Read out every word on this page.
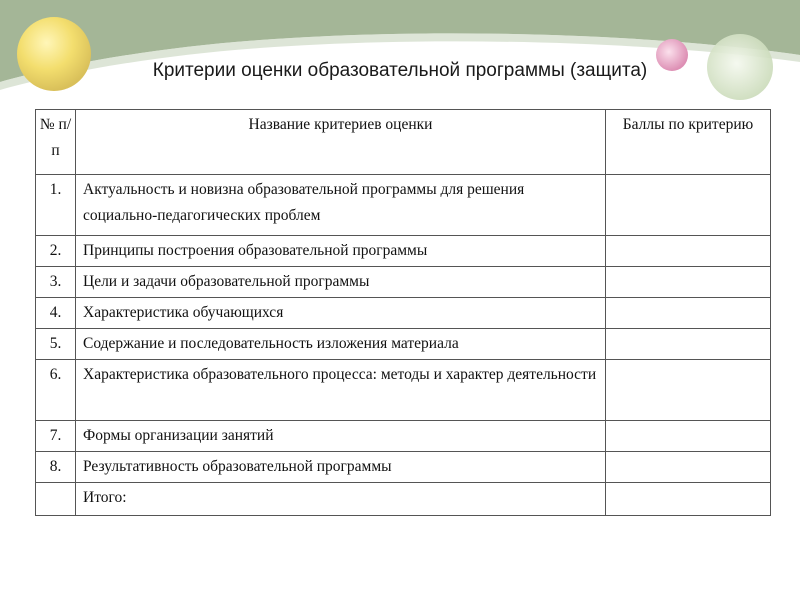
Критерии оценки образовательной программы (защита)
№ п/п	Название критериев оценки	Баллы по критерию
1.	Актуальность и новизна образовательной программы для решения социально-педагогических проблем	
2.	Принципы построения образовательной программы	
3.	Цели и задачи образовательной программы	
4.	Характеристика обучающихся	
5.	Содержание и последовательность изложения материала	
6.	Характеристика образовательного процесса: методы и характер деятельности	
7.	Формы организации занятий	
8.	Результативность образовательной программы	
	Итого:	
